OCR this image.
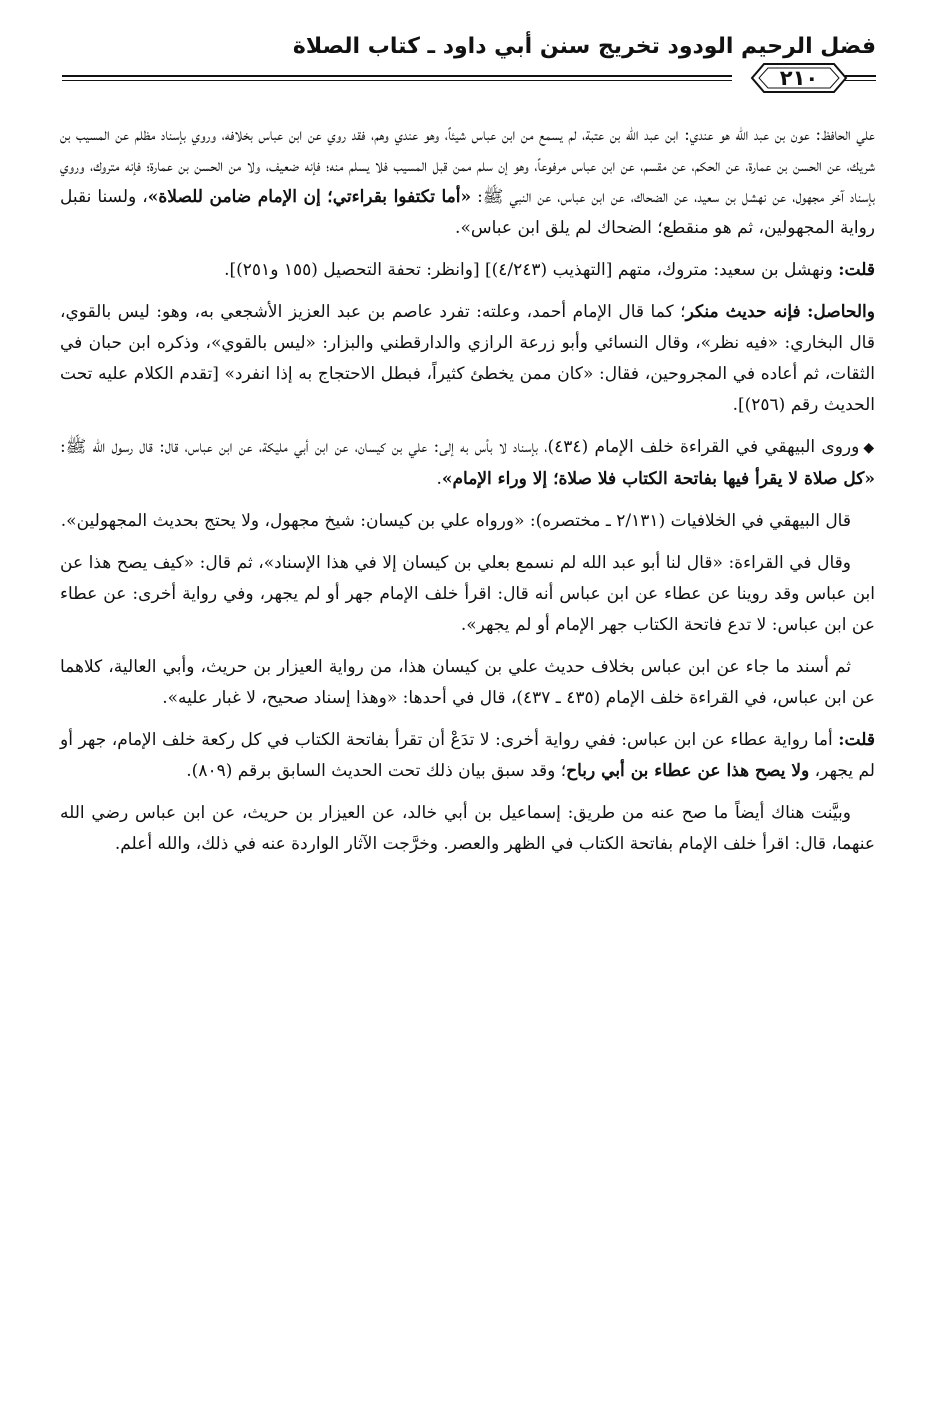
فضل الرحيم الودود تخريج سنن أبي داود ـ كتاب الصلاة
٢١٠

علي الحافظ: عون بن عبد الله هو عندي: ابن عبد الله بن عتبة، لم يسمع من ابن عباس شيئاً، وهو عندي وهم، فقد روي عن ابن عباس بخلافه، وروي بإسناد مظلم عن المسيب بن شريك، عن الحسن بن عمارة، عن الحكم، عن مقسم، عن ابن عباس مرفوعاً، وهو إن سلم ممن قبل المسيب فلا يسلم منه؛ فإنه ضعيف، ولا من الحسن بن عمارة؛ فإنه متروك، وروي بإسناد آخر مجهول، عن نهشل بن سعيد، عن الضحاك، عن ابن عباس، عن النبي ﷺ: «أما تكتفوا بقراءتي؛ إن الإمام ضامن للصلاة»، ولسنا نقبل رواية المجهولين، ثم هو منقطع؛ الضحاك لم يلق ابن عباس».

قلت: ونهشل بن سعيد: متروك، متهم [التهذيب (٤/٢٤٣)] [وانظر: تحفة التحصيل (١٥٥ و٢٥١)].

والحاصل: فإنه حديث منكر؛ كما قال الإمام أحمد، وعلته: تفرد عاصم بن عبد العزيز الأشجعي به، وهو: ليس بالقوي، قال البخاري: «فيه نظر»، وقال النسائي وأبو زرعة الرازي والدارقطني والبزار: «ليس بالقوي»، وذكره ابن حبان في الثقات، ثم أعاده في المجروحين، فقال: «كان ممن يخطئ كثيراً، فبطل الاحتجاج به إذا انفرد» [تقدم الكلام عليه تحت الحديث رقم (٢٥٦)].

◆وروى البيهقي في القراءة خلف الإمام (٤٣٤)، بإسناد لا بأس به إلى: علي بن كيسان، عن ابن أبي مليكة، عن ابن عباس، قال: قال رسول الله ﷺ: «كل صلاة لا يقرأ فيها بفاتحة الكتاب فلا صلاة؛ إلا وراء الإمام».

قال البيهقي في الخلافيات (٢/١٣١ ـ مختصره): «ورواه علي بن كيسان: شيخ مجهول، ولا يحتج بحديث المجهولين».

وقال في القراءة: «قال لنا أبو عبد الله لم نسمع بعلي بن كيسان إلا في هذا الإسناد»، ثم قال: «كيف يصح هذا عن ابن عباس وقد روينا عن عطاء عن ابن عباس أنه قال: اقرأ خلف الإمام جهر أو لم يجهر، وفي رواية أخرى: عن عطاء عن ابن عباس: لا تدع فاتحة الكتاب جهر الإمام أو لم يجهر».

ثم أسند ما جاء عن ابن عباس بخلاف حديث علي بن كيسان هذا، من رواية العيزار بن حريث، وأبي العالية، كلاهما عن ابن عباس، في القراءة خلف الإمام (٤٣٥ ـ ٤٣٧)، قال في أحدها: «وهذا إسناد صحيح، لا غبار عليه».

قلت: أما رواية عطاء عن ابن عباس: ففي رواية أخرى: لا تدَعْ أن تقرأ بفاتحة الكتاب في كل ركعة خلف الإمام، جهر أو لم يجهر، ولا يصح هذا عن عطاء بن أبي رباح؛ وقد سبق بيان ذلك تحت الحديث السابق برقم (٨٠٩).

وبيَّنت هناك أيضاً ما صح عنه من طريق: إسماعيل بن أبي خالد، عن العيزار بن حريث، عن ابن عباس رضي الله عنهما، قال: اقرأ خلف الإمام بفاتحة الكتاب في الظهر والعصر. وخرَّجت الآثار الواردة عنه في ذلك، والله أعلم.
